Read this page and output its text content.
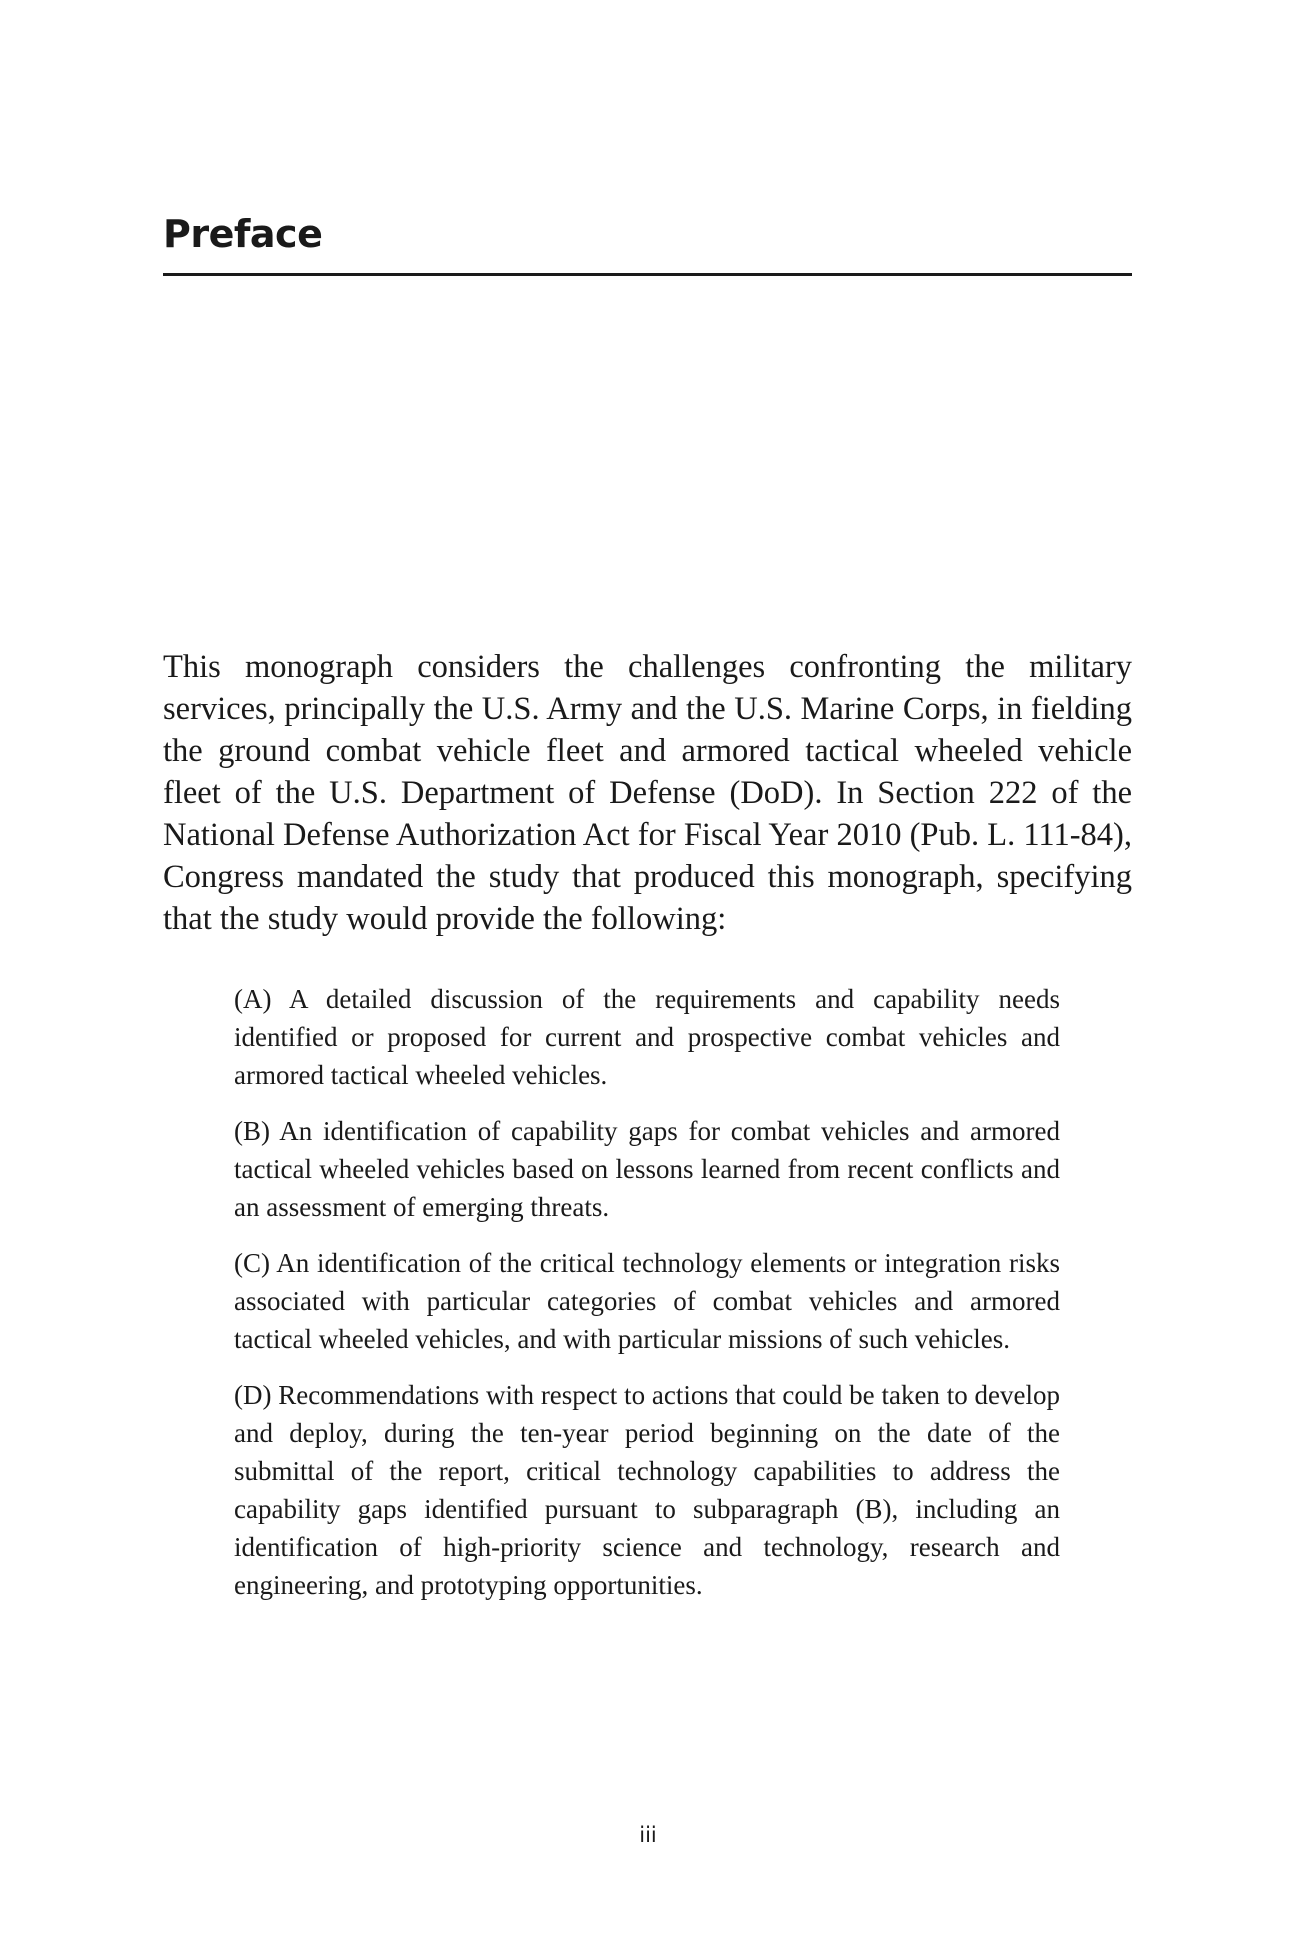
Preface

This monograph considers the challenges confronting the military services, principally the U.S. Army and the U.S. Marine Corps, in fielding the ground combat vehicle fleet and armored tactical wheeled vehicle fleet of the U.S. Department of Defense (DoD). In Section 222 of the National Defense Authorization Act for Fiscal Year 2010 (Pub. L. 111-84), Congress mandated the study that produced this monograph, specifying that the study would provide the following:

(A) A detailed discussion of the requirements and capability needs identified or proposed for current and prospective combat vehicles and armored tactical wheeled vehicles.
(B) An identification of capability gaps for combat vehicles and armored tactical wheeled vehicles based on lessons learned from recent conflicts and an assessment of emerging threats.
(C) An identification of the critical technology elements or integration risks associated with particular categories of combat vehicles and armored tactical wheeled vehicles, and with particular missions of such vehicles.
(D) Recommendations with respect to actions that could be taken to develop and deploy, during the ten-year period beginning on the date of the submittal of the report, critical technology capabilities to address the capability gaps identified pursuant to subparagraph (B), including an identification of high-priority science and technology, research and engineering, and prototyping opportunities.
iii
